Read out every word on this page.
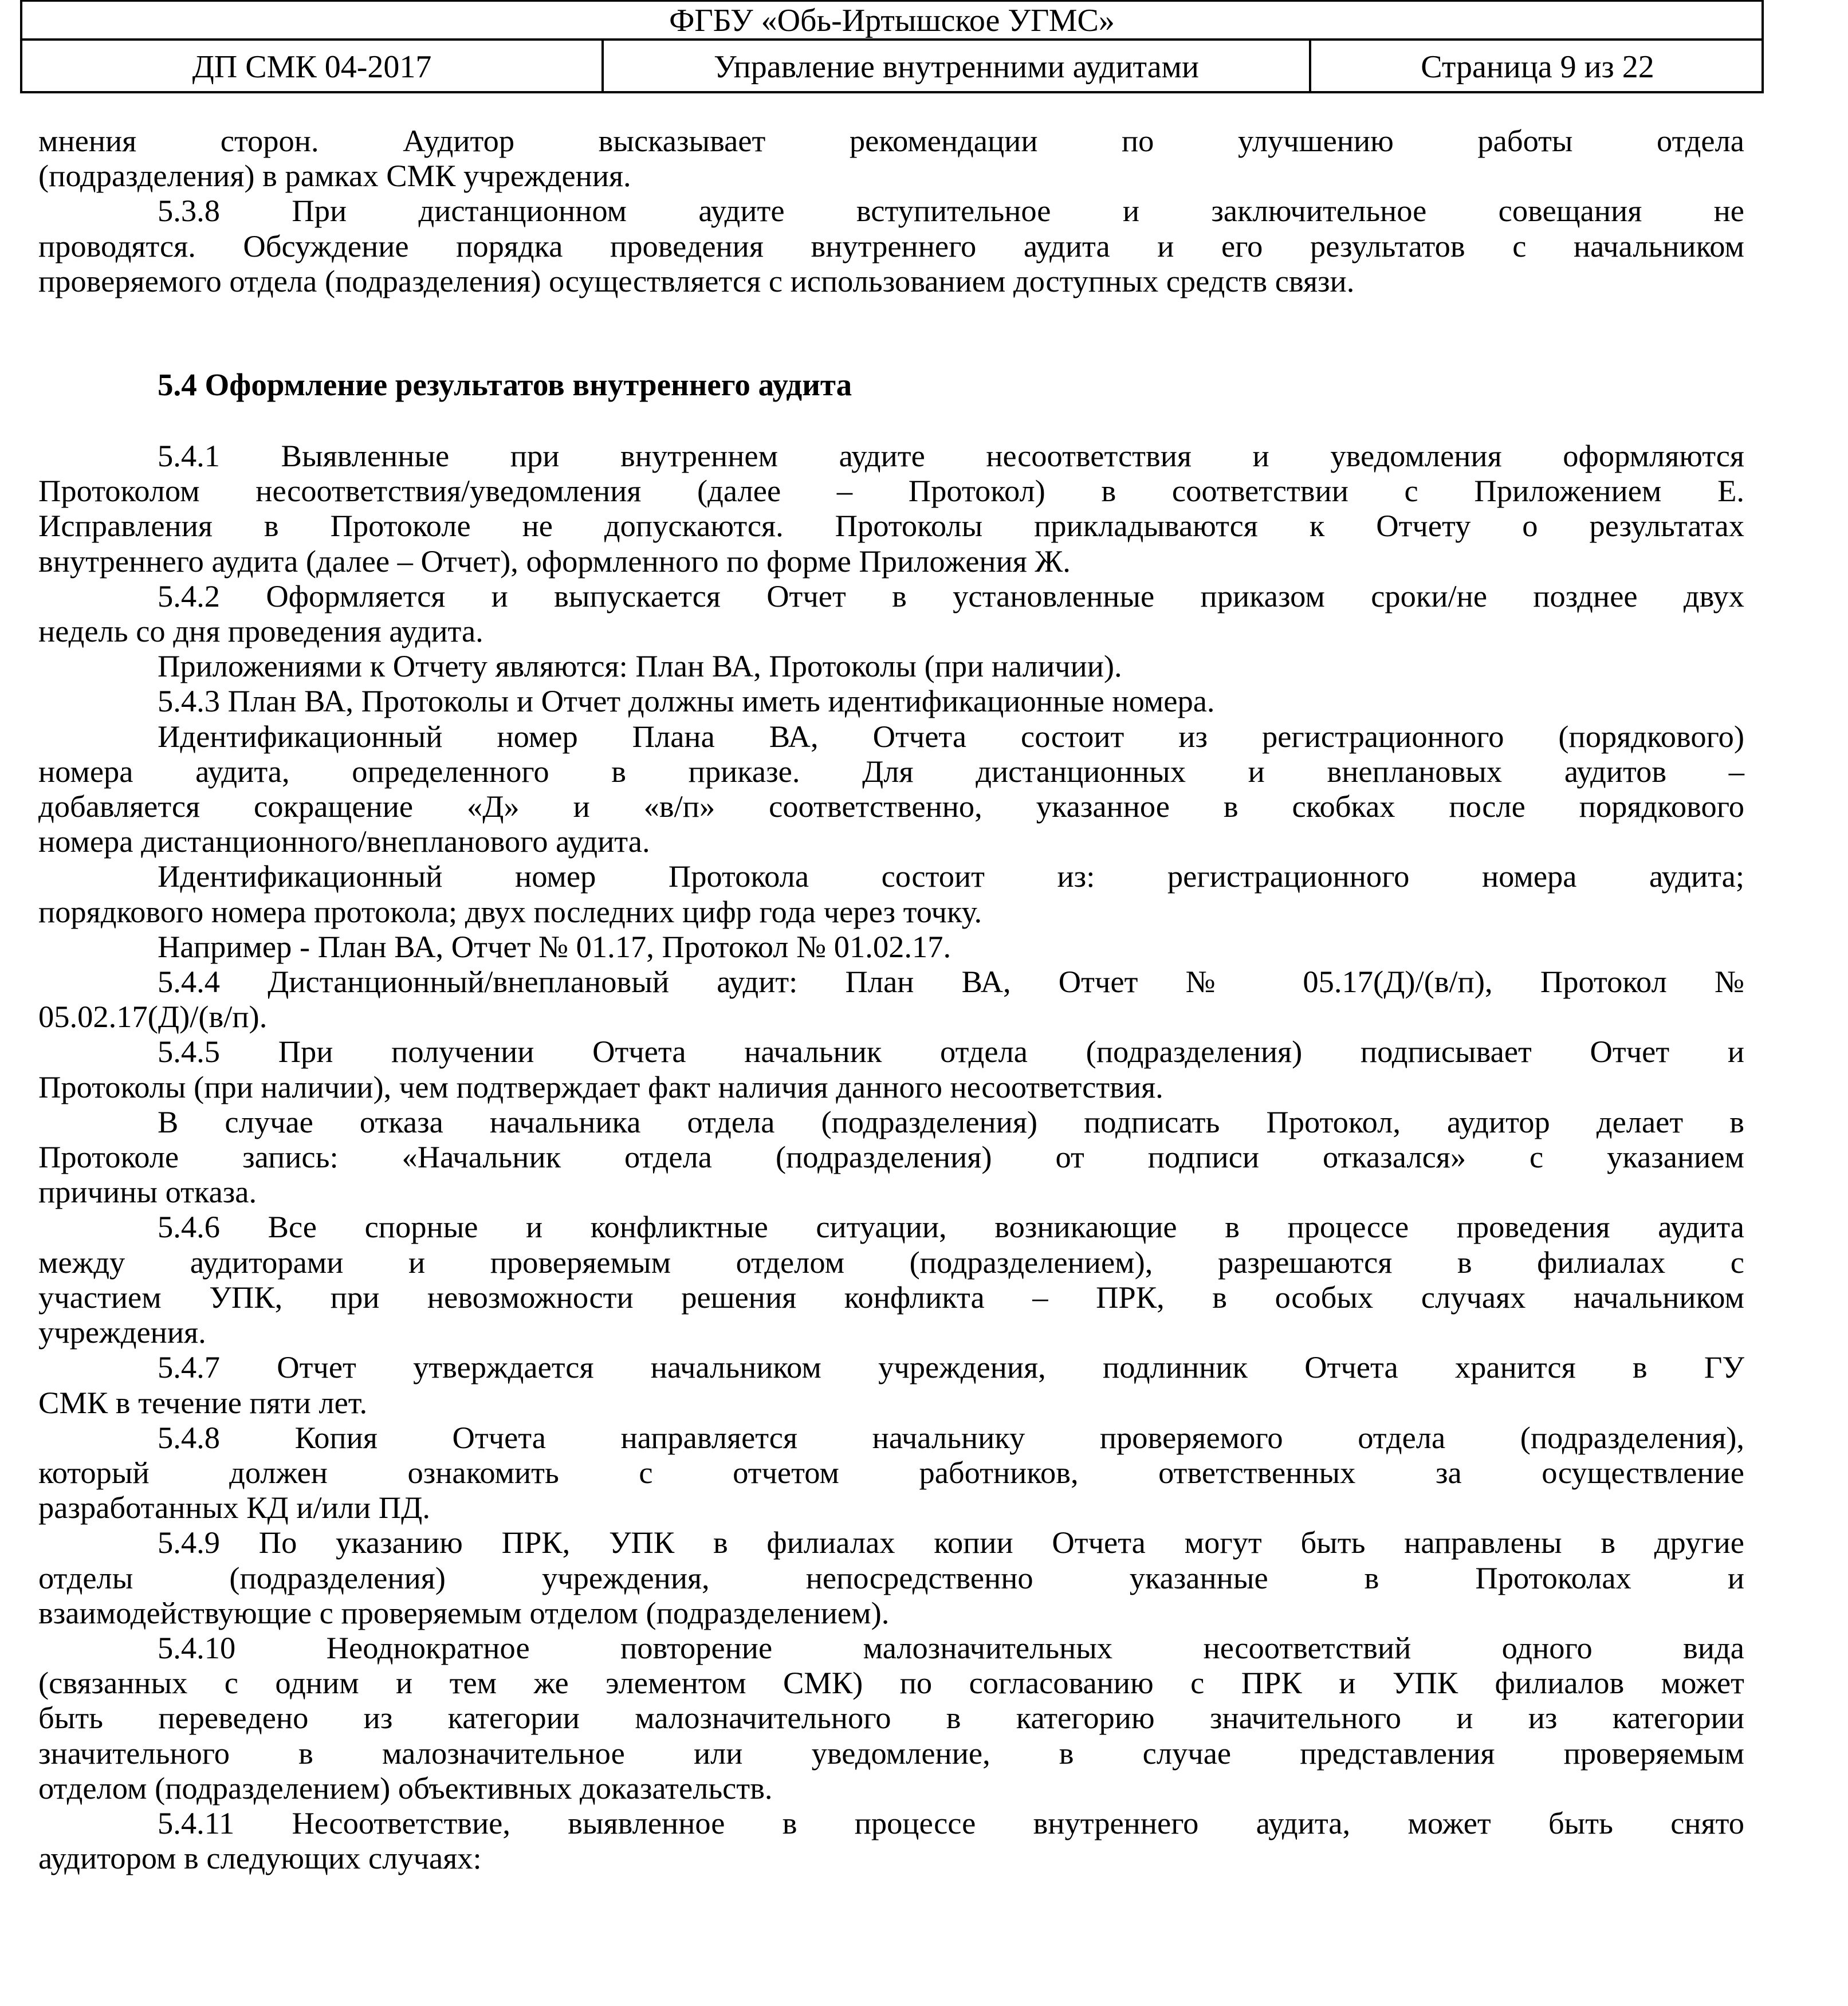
ФГБУ «Обь-Иртышское УГМС»
ДП СМК 04-2017	Управление внутренними аудитами	Страница 9 из 22

мнения сторон. Аудитор высказывает рекомендации по улучшению работы отдела
(подразделения) в рамках СМК учреждения.

5.3.8 При дистанционном аудите вступительное и заключительное совещания не
проводятся. Обсуждение порядка проведения внутреннего аудита и его результатов с начальником
проверяемого отдела (подразделения) осуществляется с использованием доступных средств связи.

5.4 Оформление результатов внутреннего аудита

5.4.1 Выявленные при внутреннем аудите несоответствия и уведомления оформляются
Протоколом несоответствия/уведомления (далее – Протокол) в соответствии с Приложением Е.
Исправления в Протоколе не допускаются. Протоколы прикладываются к Отчету о результатах
внутреннего аудита (далее – Отчет), оформленного по форме Приложения Ж.

5.4.2 Оформляется и выпускается Отчет в установленные приказом сроки/не позднее двух
недель со дня проведения аудита.

Приложениями к Отчету являются: План ВА, Протоколы (при наличии).

5.4.3 План ВА, Протоколы и Отчет должны иметь идентификационные номера.

Идентификационный номер Плана ВА, Отчета состоит из регистрационного (порядкового)
номера аудита, определенного в приказе. Для дистанционных и внеплановых аудитов –
добавляется сокращение «Д» и «в/п» соответственно, указанное в скобках после порядкового
номера дистанционного/внепланового аудита.

Идентификационный номер Протокола состоит из: регистрационного номера аудита;
порядкового номера протокола; двух последних цифр года через точку.

Например - План ВА, Отчет № 01.17, Протокол № 01.02.17.

5.4.4 Дистанционный/внеплановый аудит: План ВА, Отчет № 05.17(Д)/(в/п), Протокол №
05.02.17(Д)/(в/п).

5.4.5 При получении Отчета начальник отдела (подразделения) подписывает Отчет и
Протоколы (при наличии), чем подтверждает факт наличия данного несоответствия.

В случае отказа начальника отдела (подразделения) подписать Протокол, аудитор делает в
Протоколе запись: «Начальник отдела (подразделения) от подписи отказался» с указанием
причины отказа.

5.4.6 Все спорные и конфликтные ситуации, возникающие в процессе проведения аудита
между аудиторами и проверяемым отделом (подразделением), разрешаются в филиалах с
участием УПК, при невозможности решения конфликта – ПРК, в особых случаях начальником
учреждения.

5.4.7 Отчет утверждается начальником учреждения, подлинник Отчета хранится в ГУ
СМК в течение пяти лет.

5.4.8 Копия Отчета направляется начальнику проверяемого отдела (подразделения),
который должен ознакомить с отчетом работников, ответственных за осуществление
разработанных КД и/или ПД.

5.4.9 По указанию ПРК, УПК в филиалах копии Отчета могут быть направлены в другие
отделы (подразделения) учреждения, непосредственно указанные в Протоколах и
взаимодействующие с проверяемым отделом (подразделением).

5.4.10 Неоднократное повторение малозначительных несоответствий одного вида
(связанных с одним и тем же элементом СМК) по согласованию с ПРК и УПК филиалов может
быть переведено из категории малозначительного в категорию значительного и из категории
значительного в малозначительное или уведомление, в случае представления проверяемым
отделом (подразделением) объективных доказательств.

5.4.11 Несоответствие, выявленное в процессе внутреннего аудита, может быть снято
аудитором в следующих случаях:
